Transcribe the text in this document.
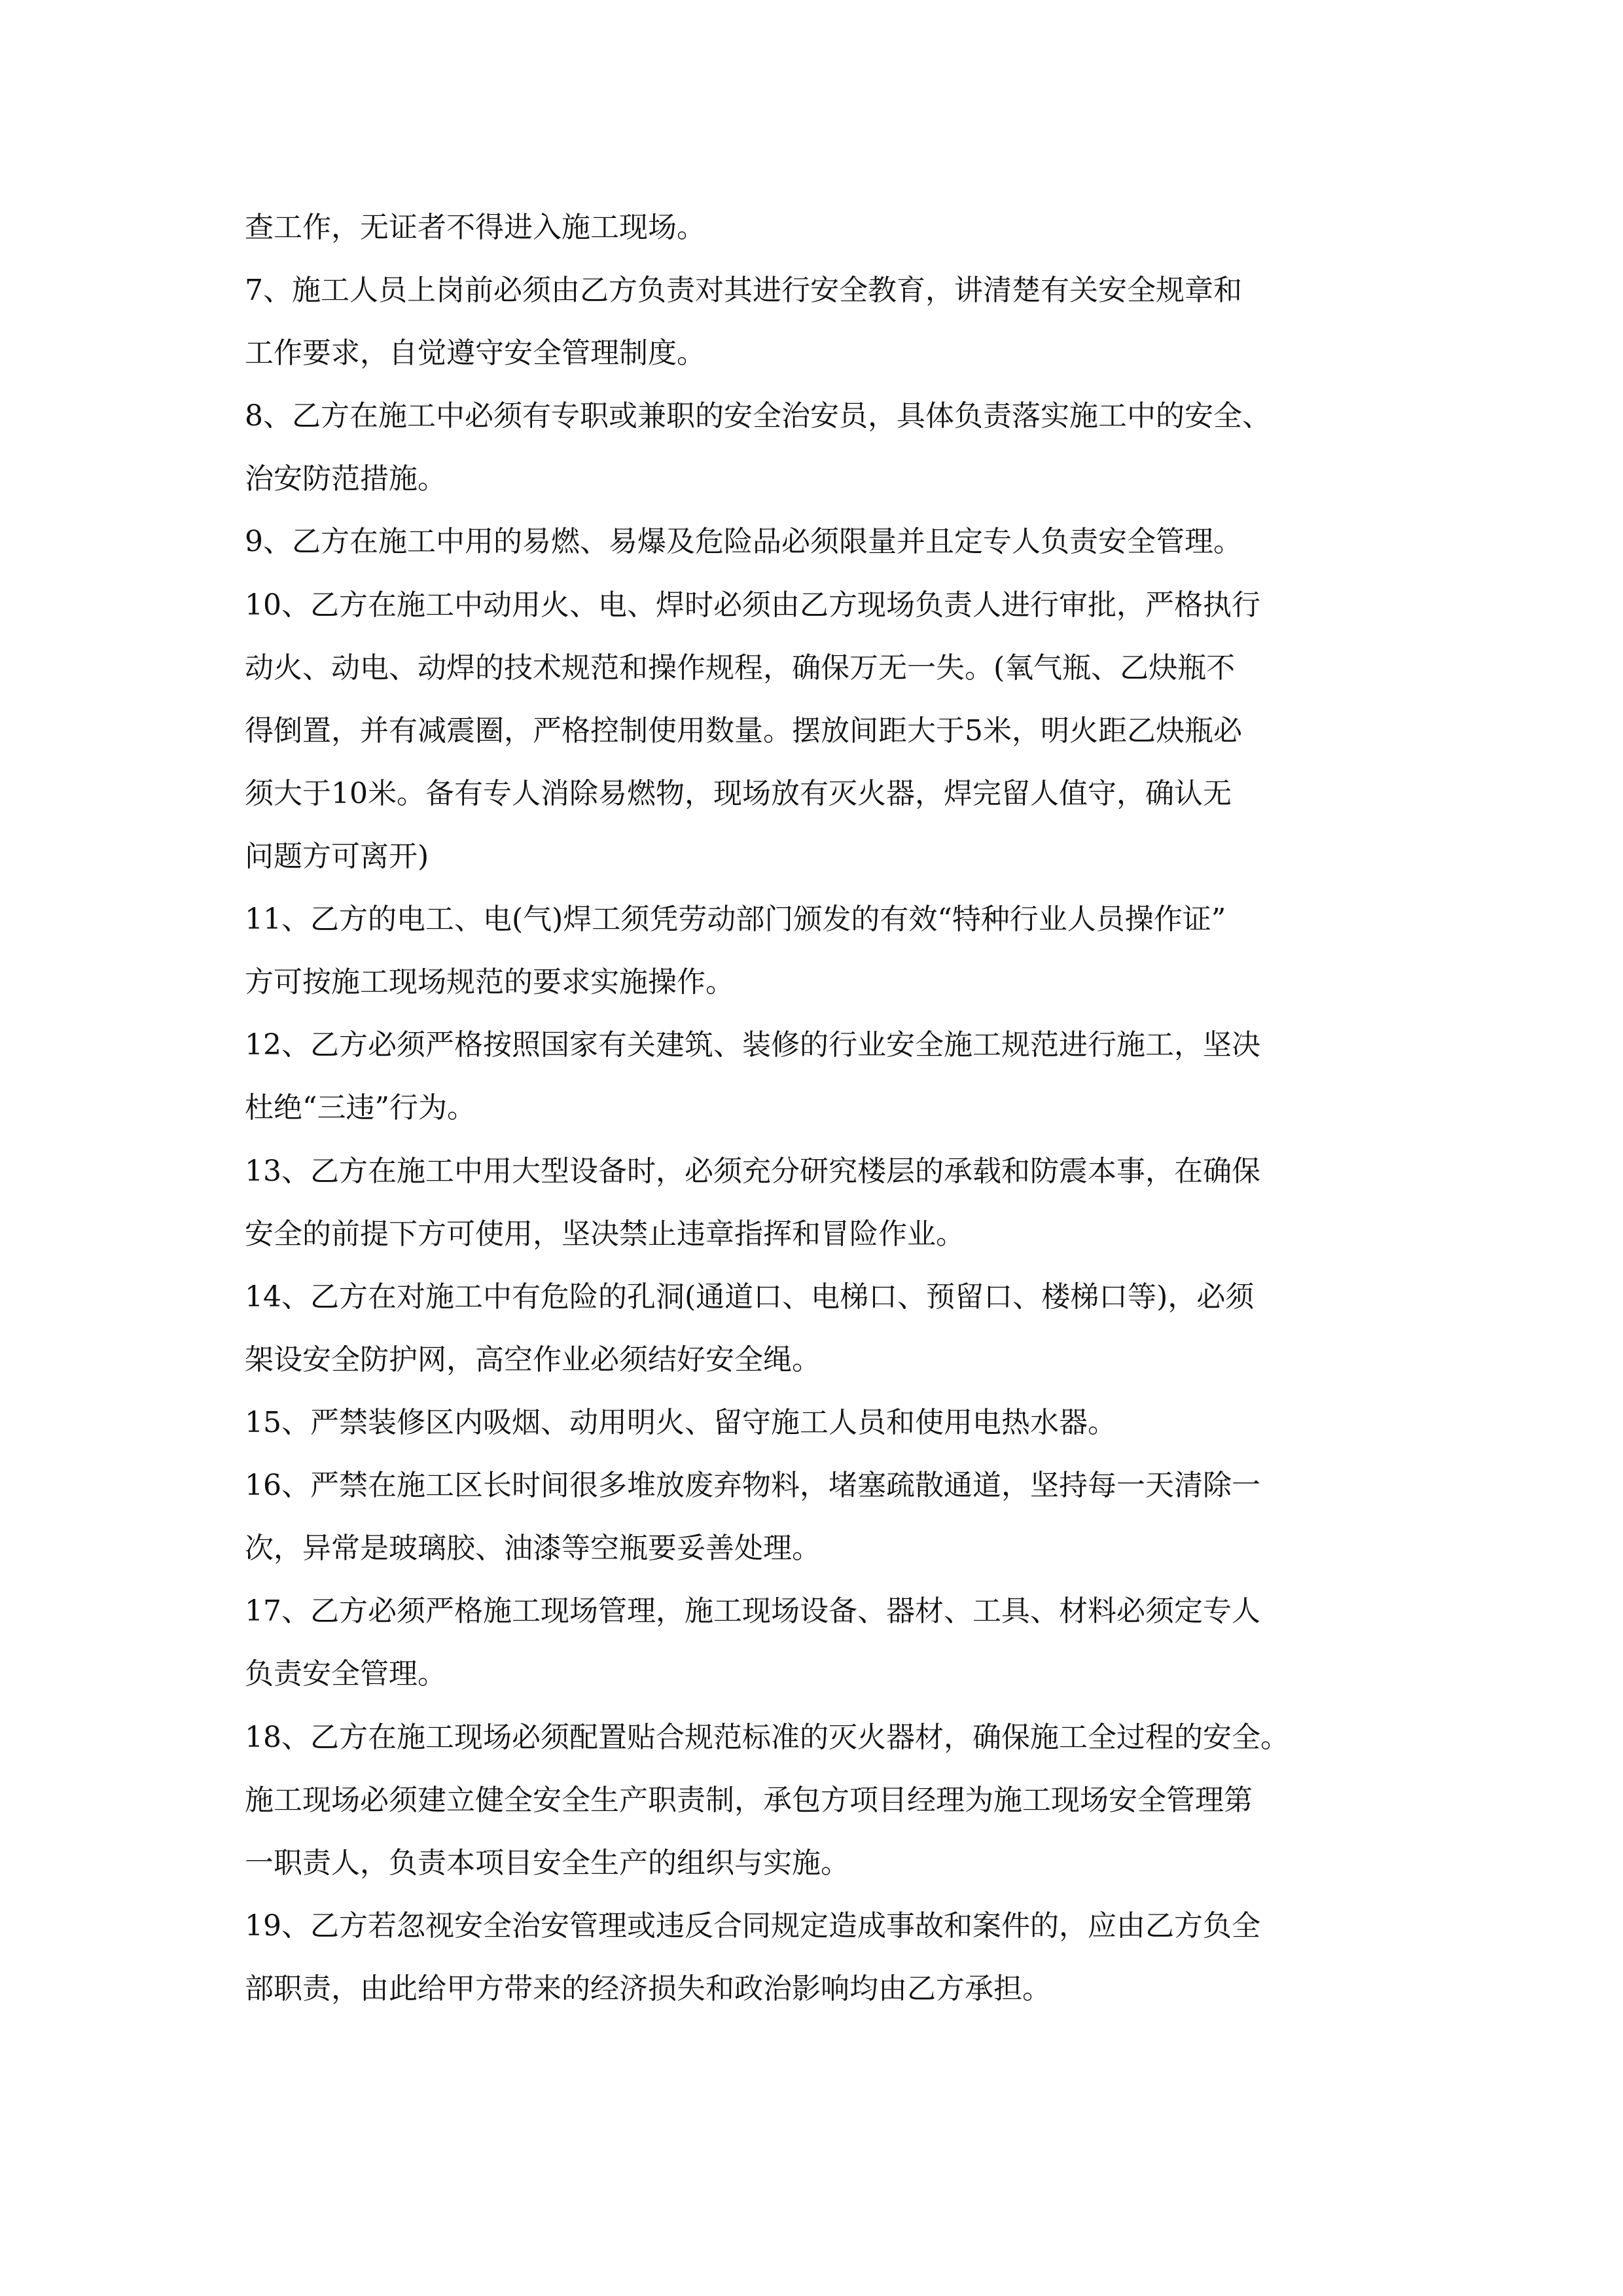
查工作，无证者不得进入施工现场。

7、施工人员上岗前必须由乙方负责对其进行安全教育，讲清楚有关安全规章和

工作要求，自觉遵守安全管理制度。

8、乙方在施工中必须有专职或兼职的安全治安员，具体负责落实施工中的安全、

治安防范措施。

9、乙方在施工中用的易燃、易爆及危险品必须限量并且定专人负责安全管理。

10、乙方在施工中动用火、电、焊时必须由乙方现场负责人进行审批，严格执行

动火、动电、动焊的技术规范和操作规程，确保万无一失。(氧气瓶、乙炔瓶不

得倒置，并有减震圈，严格控制使用数量。摆放间距大于5米，明火距乙炔瓶必

须大于10米。备有专人消除易燃物，现场放有灭火器，焊完留人值守，确认无

问题方可离开)

11、乙方的电工、电(气)焊工须凭劳动部门颁发的有效“特种行业人员操作证”

方可按施工现场规范的要求实施操作。

12、乙方必须严格按照国家有关建筑、装修的行业安全施工规范进行施工，坚决

杜绝“三违”行为。

13、乙方在施工中用大型设备时，必须充分研究楼层的承载和防震本事，在确保

安全的前提下方可使用，坚决禁止违章指挥和冒险作业。

14、乙方在对施工中有危险的孔洞(通道口、电梯口、预留口、楼梯口等)，必须

架设安全防护网，高空作业必须结好安全绳。

15、严禁装修区内吸烟、动用明火、留守施工人员和使用电热水器。

16、严禁在施工区长时间很多堆放废弃物料，堵塞疏散通道，坚持每一天清除一

次，异常是玻璃胶、油漆等空瓶要妥善处理。

17、乙方必须严格施工现场管理，施工现场设备、器材、工具、材料必须定专人

负责安全管理。

18、乙方在施工现场必须配置贴合规范标准的灭火器材，确保施工全过程的安全。

施工现场必须建立健全安全生产职责制，承包方项目经理为施工现场安全管理第

一职责人，负责本项目安全生产的组织与实施。

19、乙方若忽视安全治安管理或违反合同规定造成事故和案件的，应由乙方负全

部职责，由此给甲方带来的经济损失和政治影响均由乙方承担。
